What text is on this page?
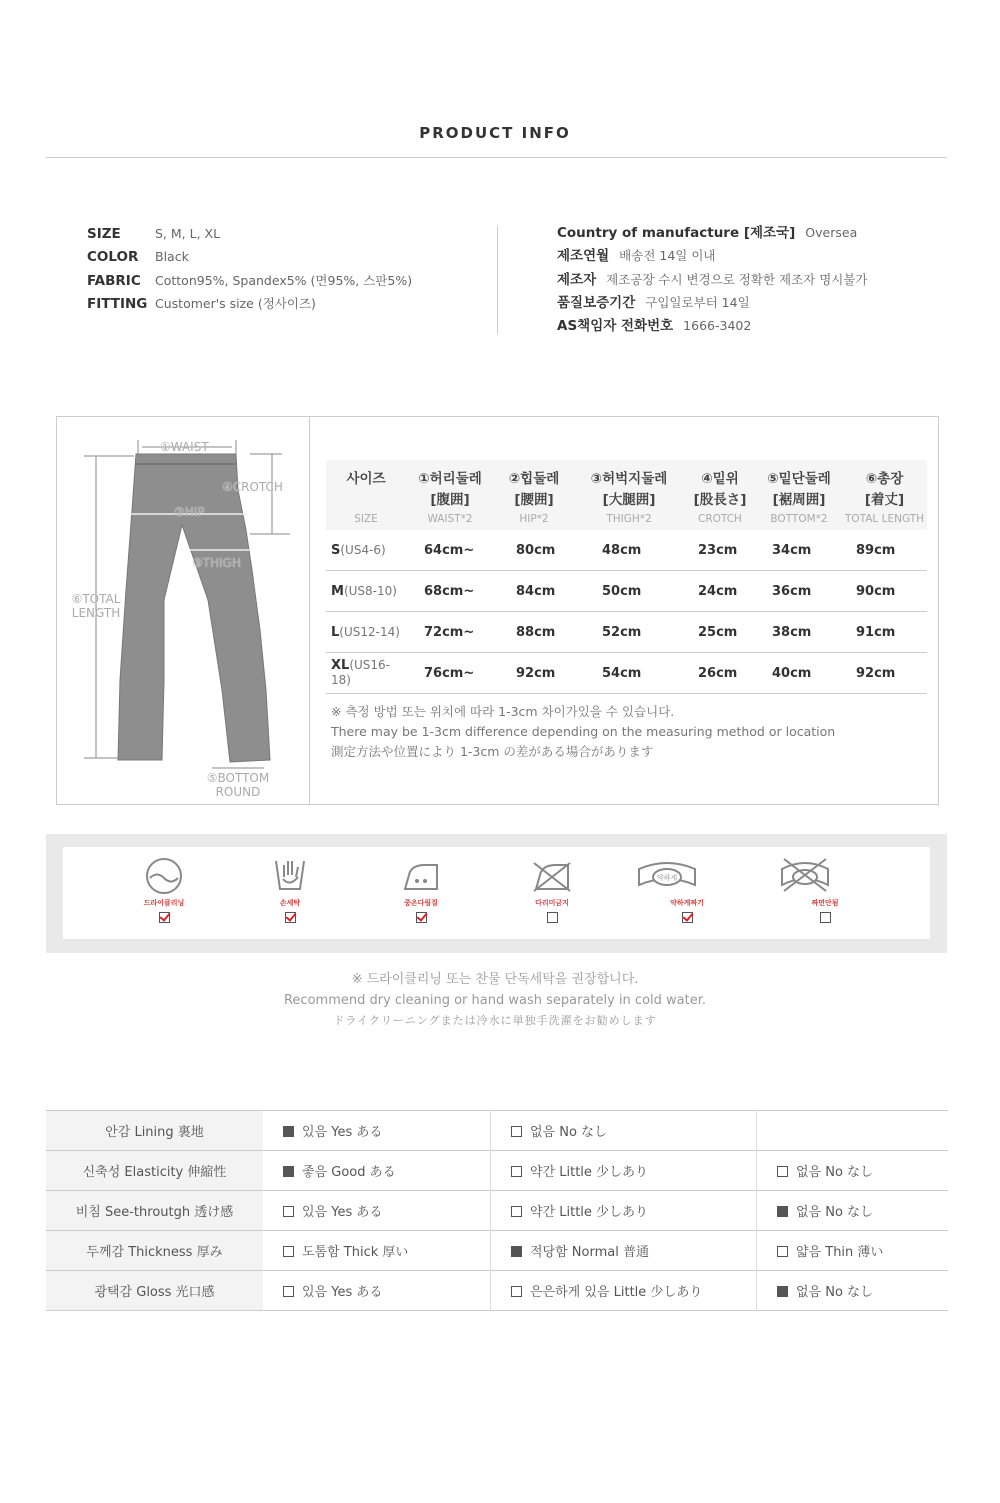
PRODUCT INFO
SIZE	S, M, L, XL
COLOR Black
FABRIC Cotton95%, Spandex5% (면95%, 스판5%)
FITTING Customer's size (정사이즈)
Country of manufacture [제조국] Oversea
제조연월 배송전 14일 이내
제조자 제조공장 수시 변경으로 정확한 제조자 명시불가
품질보증기간 구입일로부터 14일
AS책임자 전화번호 1666-3402
①WAIST
④CROTCH
②HIP
③THIGH
⑥TOTAL
LENGTH
⑤BOTTOM
ROUND
사이즈	①허리둘레	②힙둘레	③허벅지둘레	④밑위	⑤밑단둘레	⑥총장
	[腹囲]	[腰囲]	[大腿囲]	[股長さ]	[裾周囲]	[着丈]
SIZE	WAIST*2	HIP*2	THIGH*2	CROTCH	BOTTOM*2	TOTAL LENGTH
S(US4-6)	64cm~	80cm	48cm	23cm	34cm	89cm
M(US8-10)	68cm~	84cm	50cm	24cm	36cm	90cm
L(US12-14)	72cm~	88cm	52cm	25cm	38cm	91cm
XL(US16-18)	76cm~	92cm	54cm	26cm	40cm	92cm
※ 측정 방법 또는 위치에 따라 1-3cm 차이가있을 수 있습니다.
There may be 1-3cm difference depending on the measuring method or location
測定方法や位置により 1-3cm の差がある場合があります
드라이클리닝	손세탁	중온다림질	다리미금지
약하게
약하게짜기	짜면안됨
※ 드라이클리닝 또는 찬물 단독세탁을 권장합니다.
Recommend dry cleaning or hand wash separately in cold water.
ドライクリーニングまたは冷水に単独手洗濯をお勧めします
안감 Lining 裏地	있음 Yes ある	없음 No なし	
신축성 Elasticity 伸縮性	좋음 Good ある	약간 Little 少しあり	없음 No なし
비침 See-throutgh 透け感	있음 Yes ある	약간 Little 少しあり	없음 No なし
두께감 Thickness 厚み	도톰함 Thick 厚い	적당함 Normal 普通	얇음 Thin 薄い
광택감 Gloss 光口感	있음 Yes ある	은은하게 있음 Little 少しあり	없음 No なし
